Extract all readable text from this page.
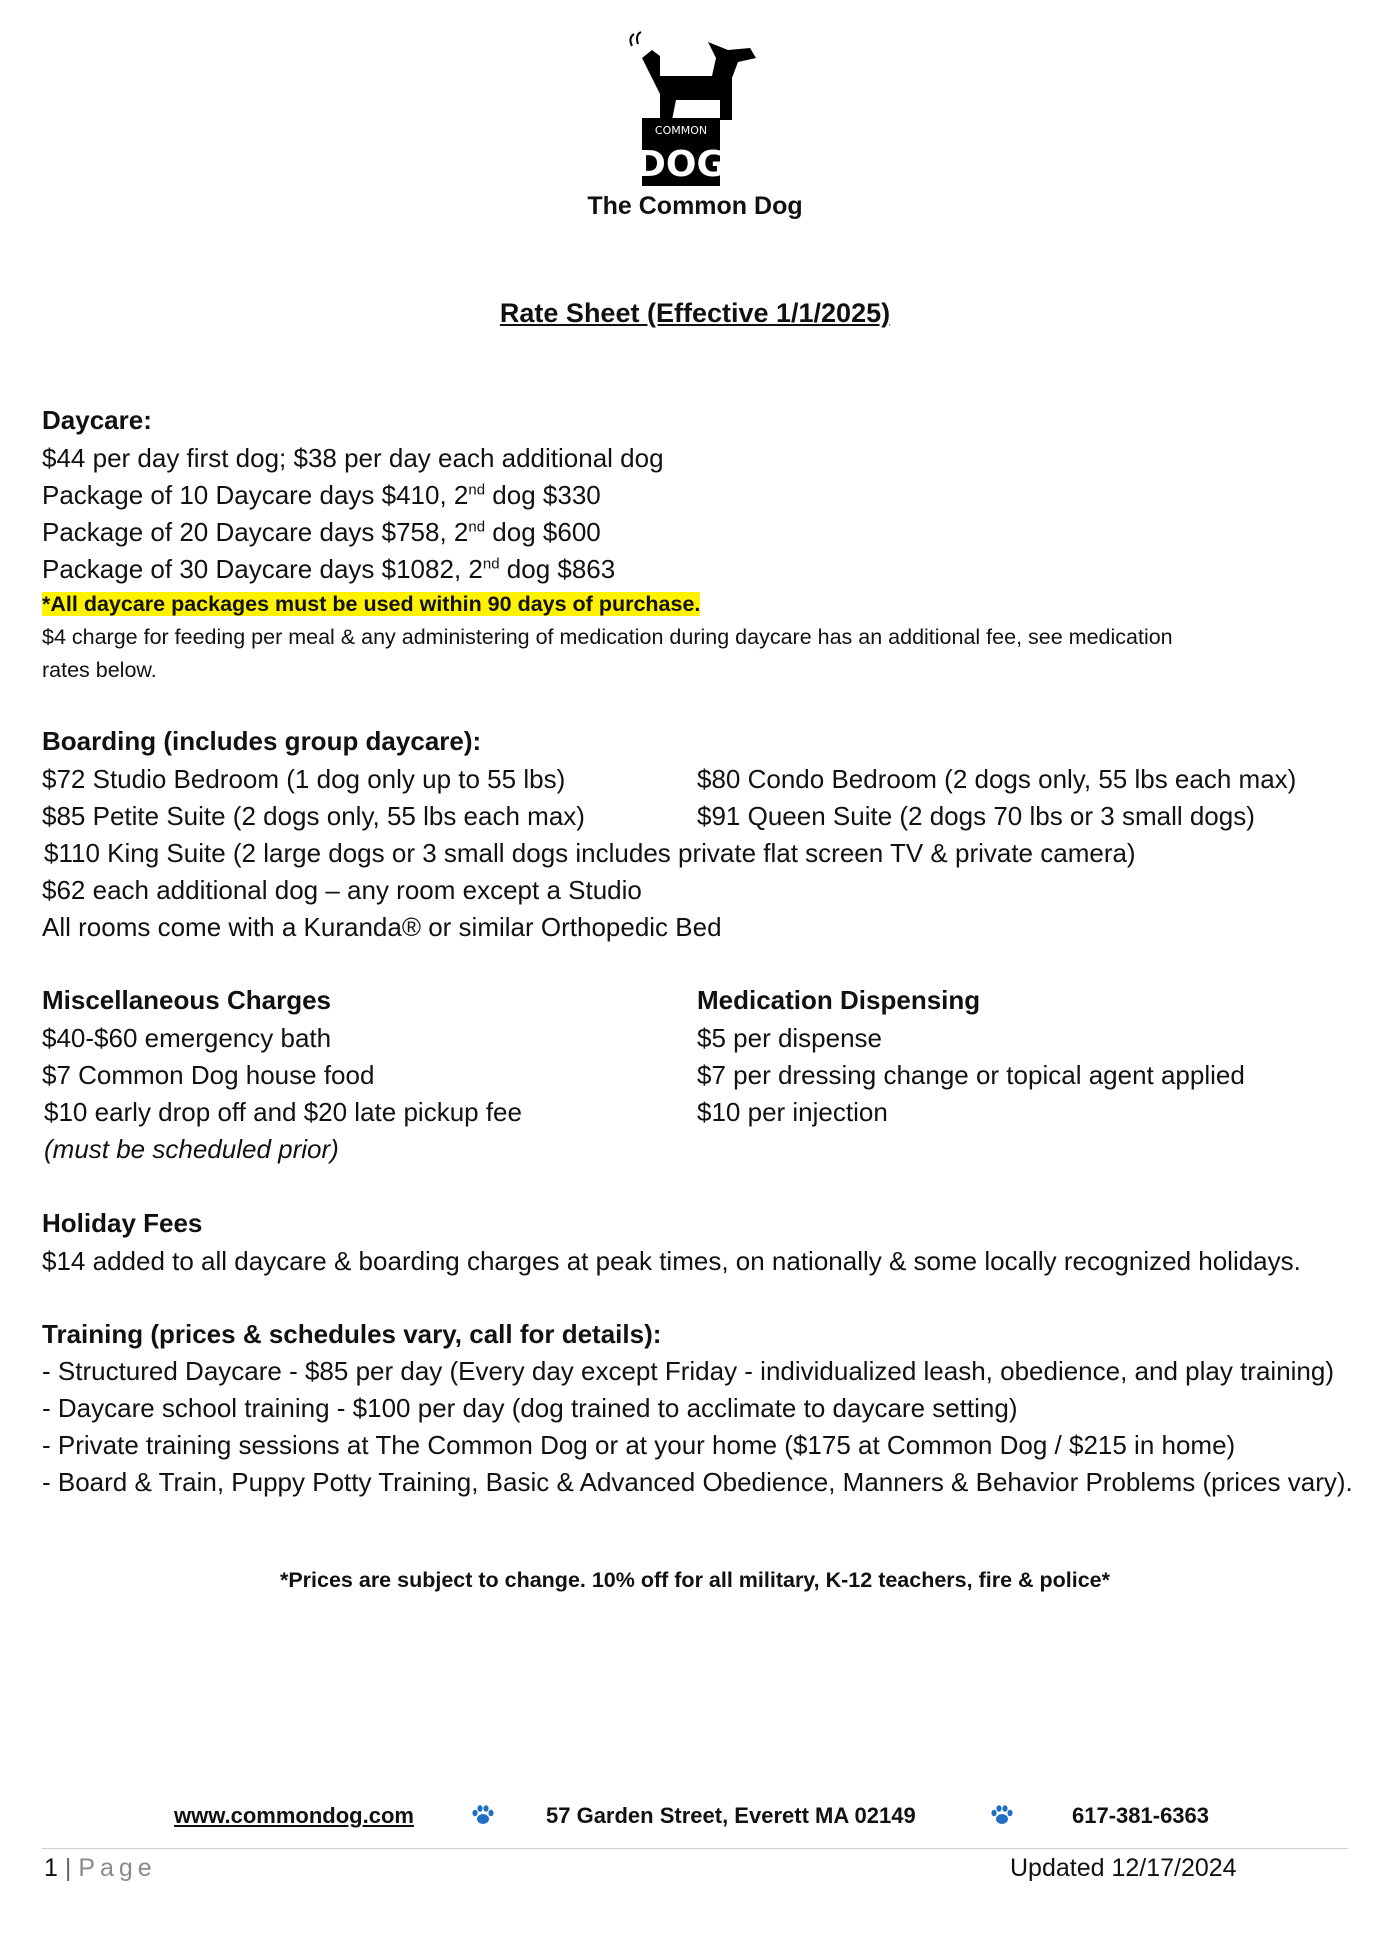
COMMON
DOG
The Common Dog
Rate Sheet (Effective 1/1/2025)
Daycare:
$44 per day first dog; $38 per day each additional dog
Package of 10 Daycare days $410, 2nd dog $330
Package of 20 Daycare days $758, 2nd dog $600
Package of 30 Daycare days $1082, 2nd dog $863
*All daycare packages must be used within 90 days of purchase.
$4 charge for feeding per meal & any administering of medication during daycare has an additional fee, see medication
rates below.
Boarding (includes group daycare):
$72 Studio Bedroom (1 dog only up to 55 lbs)	$80 Condo Bedroom (2 dogs only, 55 lbs each max)
$85 Petite Suite (2 dogs only, 55 lbs each max)	$91 Queen Suite (2 dogs 70 lbs or 3 small dogs)
$110 King Suite (2 large dogs or 3 small dogs includes private flat screen TV & private camera)
$62 each additional dog – any room except a Studio
All rooms come with a Kuranda® or similar Orthopedic Bed
Miscellaneous Charges	Medication Dispensing
$40-$60 emergency bath	$5 per dispense
$7 Common Dog house food	$7 per dressing change or topical agent applied
$10 early drop off and $20 late pickup fee	$10 per injection
(must be scheduled prior)
Holiday Fees
$14 added to all daycare & boarding charges at peak times, on nationally & some locally recognized holidays.
Training (prices & schedules vary, call for details):
- Structured Daycare - $85 per day (Every day except Friday - individualized leash, obedience, and play training)
- Daycare school training - $100 per day (dog trained to acclimate to daycare setting)
- Private training sessions at The Common Dog or at your home ($175 at Common Dog / $215 in home)
- Board & Train, Puppy Potty Training, Basic & Advanced Obedience, Manners & Behavior Problems (prices vary).
*Prices are subject to change. 10% off for all military, K-12 teachers, fire & police*
www.commondog.com	57 Garden Street, Everett MA 02149	617-381-6363
1 | Page	Updated 12/17/2024
